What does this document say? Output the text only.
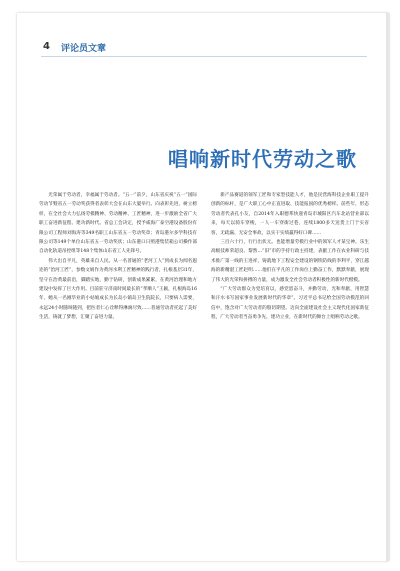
4 评论员文章
唱响新时代劳动之歌

光荣属于劳动者，幸福属于劳动者。“五一”前夕，山东省庆祝“五一”国际劳动节暨省五一劳动奖获得者表彰大会在山东大厦举行。向表彰先进，树立榜样，在全社会大力弘扬劳模精神、劳动精神、工匠精神，进一步激励全省广大职工奋进新征程、建功新时代。省总工会决定，授予威海广泰空港设备股份有限公司工程师刘海涛等349名职工山东省五一劳动奖章；青岛港尔多学科技有限公司等149个单位山东省五一劳动奖状；山东港口日照港集装箱公司操作部自动化轨道吊控组等148个集体山东省工人先锋号。

伟大出自平凡，英雄来自人民。从一名普通的“老河工人”到成长为闻名遐迩的“治河工匠”，参数文娟作为黄河水利工匠精神的践行者，扎根基层31年，坚守在治黄最前沿，脚踏实地，勤于钻研，创新成果累累，在黄河治理和地方建设中发挥了巨大作用。目前驻守济南时间最长的“孝顺人”王颖，扎根海岛16年，她从一名刚毕业的小姑娘成长为长岛小镇岛卫生院院长，只要病人需要，永远24小时随叫随到，把医者仁心诠释得淋漓尽致……普通劳动者托起了美好生活，铸就了梦想，汇聚了奋进力量。

新产品赛道的领军工匠和专家型技能人才，他是民营海科技企业职工提升创新的标杆，是广大职工心中正直进取、技能报国的优秀榜样。前些年，形态劳动者代表孔小友，自2014年入职德邦快递青岛市城阳区汽车北站营业部以来，每天以骑车穿梭，一人一车穿街过巷，连续1800多天送货上门于实省客，无疏漏、无安全事故，以实干实绩赢得好口碑……

三百六十行，行行出状元。也能增量劳模行业中的领军人才某宝神。乐生高级技师荣超良、黎然…“旧”市的手持行政主持建，表献工作在农业科研与技术推广第一线的王进祥，铸就地下工程安全建设的钢铁防线的李利平，穿江越海的新精湛工匠赵明……他们在平凡的工作岗位上勤奋工作，默默奉献，展现了伟大的光荣和拼搏的力量，成为激发全社会劳动者积极性的新时代楷模。

“广大劳动群众为党培育以，感党恩奋斗，并勤劳动，光和奉献，用智慧和汗水书写国家事业发展新时代的华章”。习近平总书记给全国劳动模范的回信中，饱含对广大劳动者的殷切期望。迈向全面建设社会主义现代化国家新征程，广大劳动者当奋勇争先，建功立业，在新时代的舞台上唱响劳动之歌。
